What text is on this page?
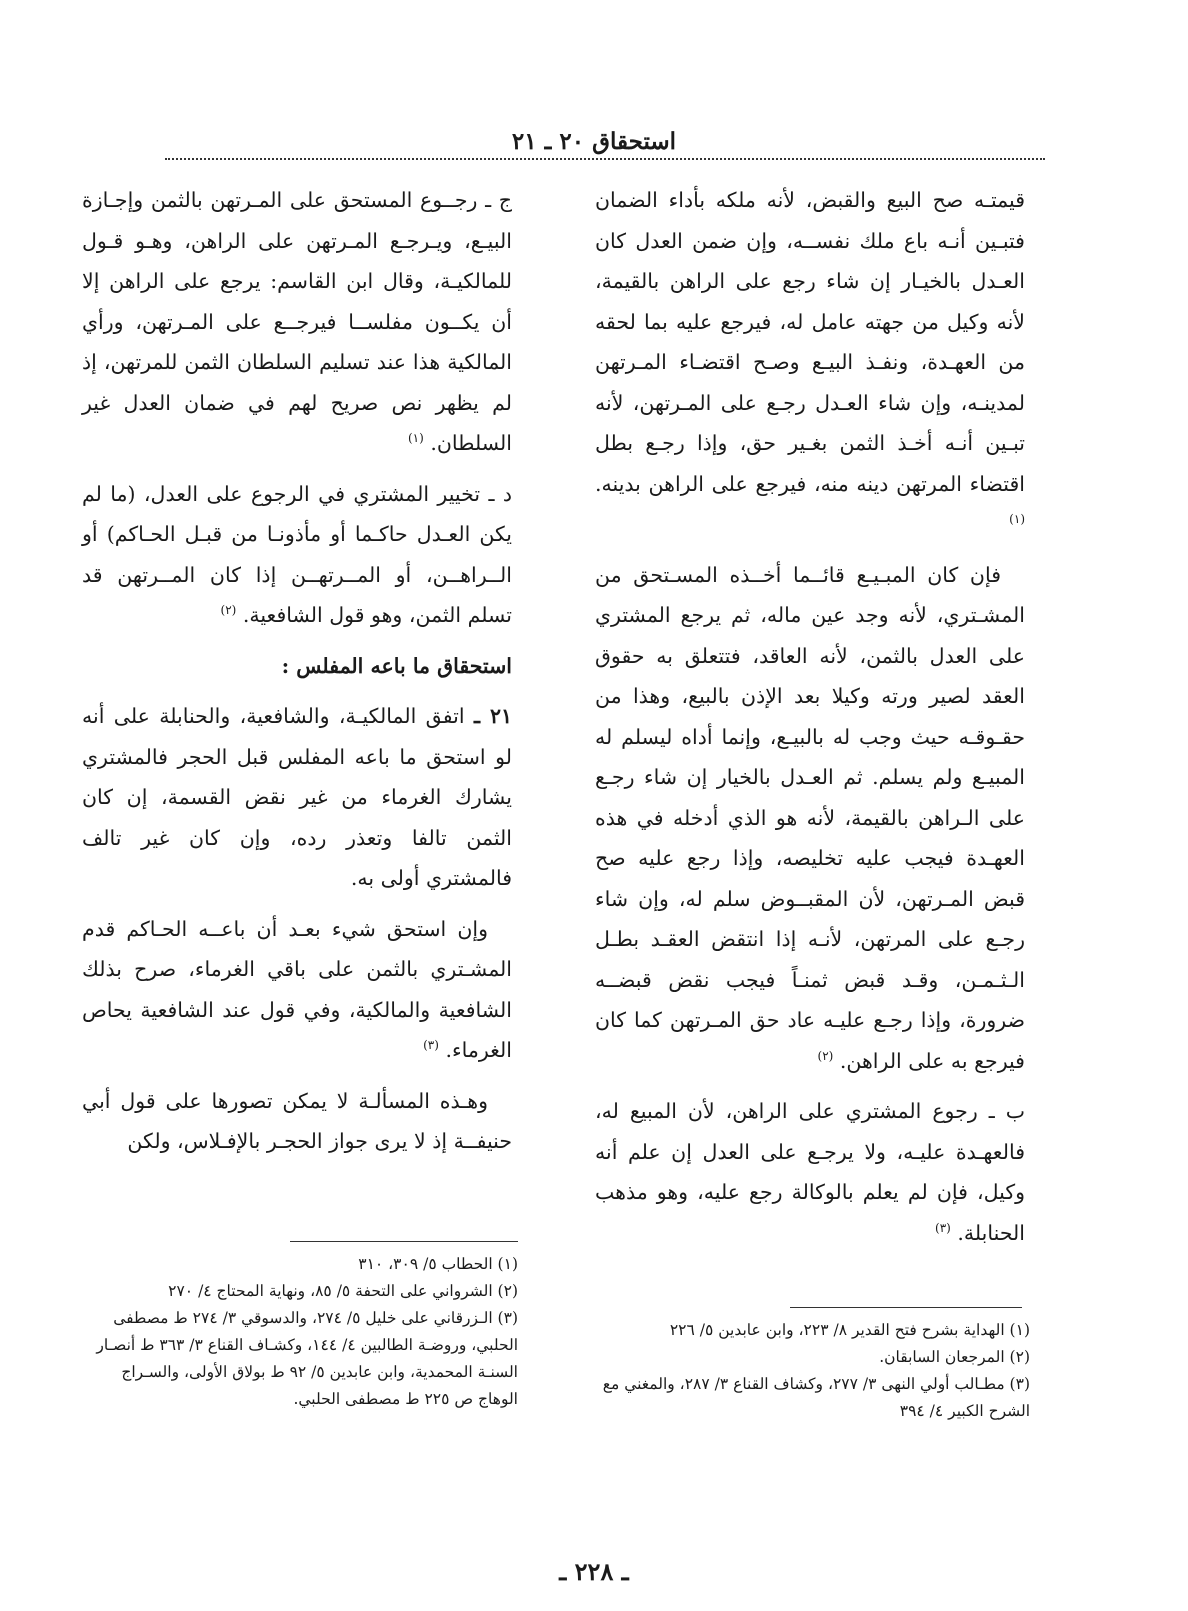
استحقاق ٢٠ ـ ٢١

قيمتـه صح البيع والقبض، لأنه ملكه بأداء الضمان فتبـين أنـه باع ملك نفســه، وإن ضمن العدل كان العـدل بالخيـار إن شاء رجع على الراهن بالقيمة، لأنه وكيل من جهته عامل له، فيرجع عليه بما لحقه من العهـدة، ونفـذ البيـع وصـح اقتضـاء المـرتهن لمدينـه، وإن شاء العـدل رجـع على المـرتهن، لأنه تبـين أنـه أخـذ الثمن بغـير حق، وإذا رجـع بطل اقتضاء المرتهن دينه منه، فيرجع على الراهن بدينه. $^{(١)}$

فإن كان المبـيـع قائــما أخــذه المسـتحق من المشـتري، لأنه وجد عين ماله، ثم يرجع المشتري على العدل بالثمن، لأنه العاقد، فتتعلق به حقوق العقد لصير ورته وكيلا بعد الإذن بالبيع، وهذا من حقـوقـه حيث وجب له بالبيـع، وإنما أداه ليسلم له المبيـع ولم يسلم. ثم العـدل بالخيار إن شاء رجـع على الـراهن بالقيمة، لأنه هو الذي أدخله في هذه العهـدة فيجب عليه تخليصه، وإذا رجع عليه صح قبض المـرتهن، لأن المقبــوض سلم له، وإن شاء رجـع على المرتهن، لأنـه إذا انتقض العقـد بطـل الـثـمـن، وقـد قبض ثمنـاً فيجب نقض قبضــه ضرورة، وإذا رجـع عليـه عاد حق المـرتهن كما كان فيرجع به على الراهن. $^{(٢)}$

ب ـ رجوع المشتري على الراهن، لأن المبيع له، فالعهـدة عليـه، ولا يرجـع على العدل إن علم أنه وكيل، فإن لم يعلم بالوكالة رجع عليه، وهو مذهب الحنابلة. $^{(٣)}$

ج ـ رجــوع المستحق على المـرتهن بالثمن وإجـازة البيـع، ويـرجـع المـرتهن على الراهن، وهـو قـول للمالكيـة، وقال ابن القاسم: يرجع على الراهن إلا أن يكــون مفلســا فيرجــع على المـرتهن، ورأي المالكية هذا عند تسليم السلطان الثمن للمرتهن، إذ لم يظهر نص صريح لهم في ضمان العدل غير السلطان. $^{(١)}$

د ـ تخيير المشتري في الرجوع على العدل، (ما لم يكن العـدل حاكـما أو مأذونـا من قبـل الحـاكم) أو الــراهــن، أو المــرتهــن إذا كان المــرتهن قد تسلم الثمن، وهو قول الشافعية. $^{(٢)}$

استحقاق ما باعه المفلس :

٢١ ـ اتفق المالكيـة، والشافعية، والحنابلة على أنه لو استحق ما باعه المفلس قبل الحجر فالمشتري يشارك الغرماء من غير نقض القسمة، إن كان الثمن تالفا وتعذر رده، وإن كان غير تالف فالمشتري أولى به.

وإن استحق شيء بعـد أن باعــه الحـاكم قدم المشـتري بالثمن على باقي الغرماء، صرح بذلك الشافعية والمالكية، وفي قول عند الشافعية يحاص الغرماء. $^{(٣)}$

وهـذه المسألـة لا يمكن تصورها على قول أبي حنيفــة إذ لا يرى جواز الحجـر بالإفـلاس، ولكن

(١) الحطاب ٥/ ٣٠٩، ٣١٠
(٢) الشرواني على التحفة ٥/ ٨٥، ونهاية المحتاج ٤/ ٢٧٠
(٣) الـزرقاني على خليل ٥/ ٢٧٤، والدسوقي ٣/ ٢٧٤ ط مصطفى الحلبي، وروضـة الطالبين ٤/ ١٤٤، وكشـاف القناع ٣/ ٣٦٣ ط أنصـار السنـة المحمدية، وابن عابدين ٥/ ٩٢ ط بولاق الأولى، والسـراج الوهاج ص ٢٢٥ ط مصطفى الحلبي.
(١) الهداية بشرح فتح القدير ٨/ ٢٢٣، وابن عابدين ٥/ ٢٢٦
(٢) المرجعان السابقان.
(٣) مطـالب أولي النهى ٣/ ٢٧٧، وكشاف القناع ٣/ ٢٨٧، والمغني مع الشرح الكبير ٤/ ٣٩٤
ـ ٢٢٨ ـ
